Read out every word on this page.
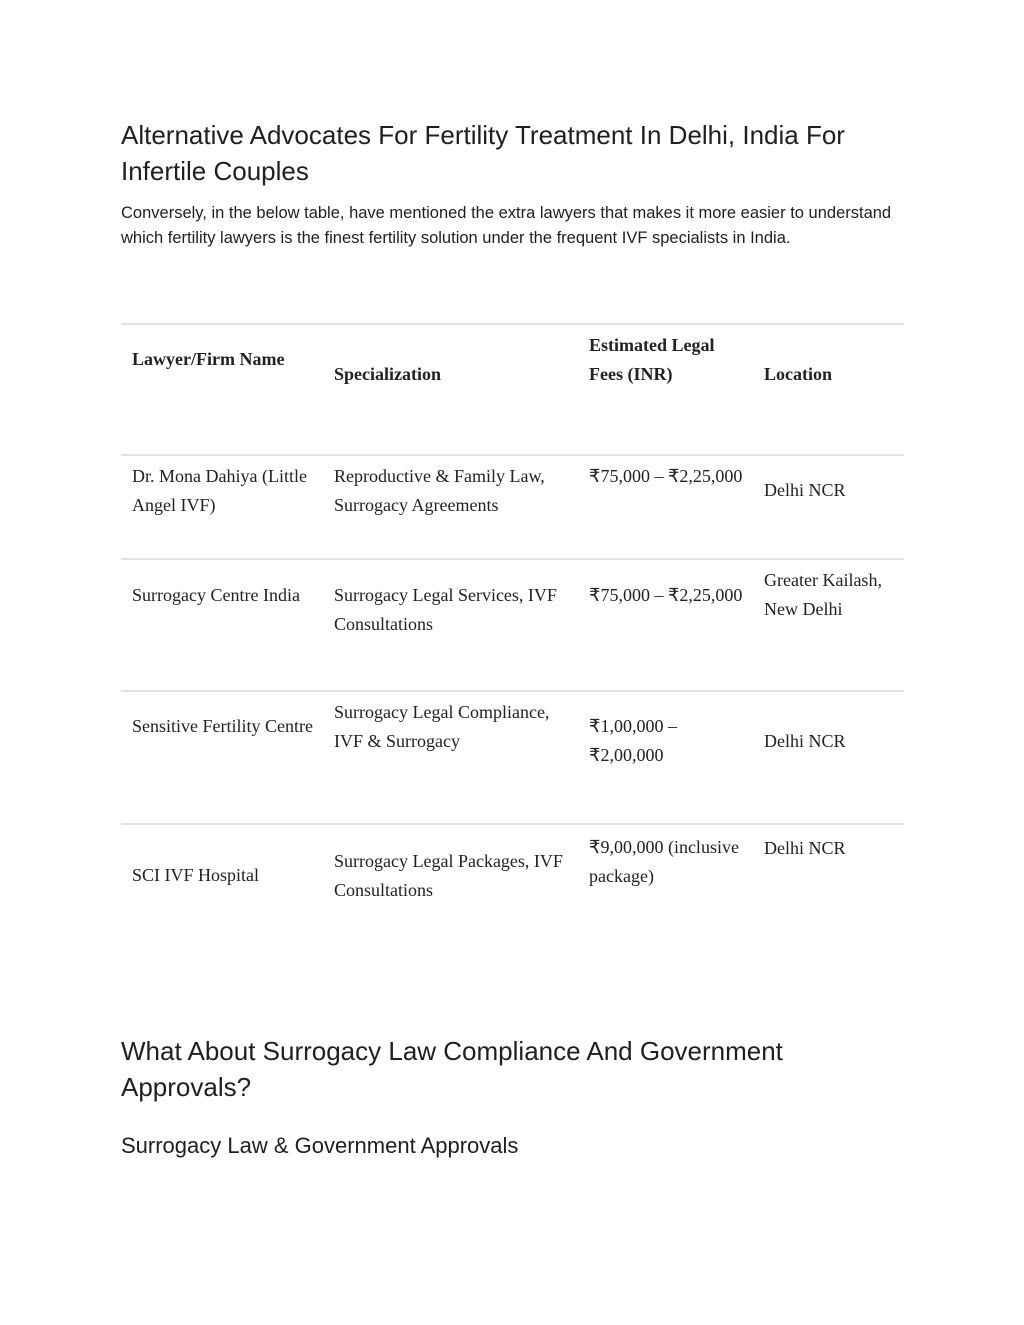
Alternative Advocates For Fertility Treatment In Delhi, India For Infertile Couples

Conversely, in the below table, have mentioned the extra lawyers that makes it more easier to understand which fertility lawyers is the finest fertility solution under the frequent IVF specialists in India.

Lawyer/Firm Name	Specialization	Estimated Legal Fees (INR)	Location
Dr. Mona Dahiya (Little Angel IVF)	Reproductive & Family Law, Surrogacy Agreements	₹75,000 – ₹2,25,000	Delhi NCR
Surrogacy Centre India	Surrogacy Legal Services, IVF Consultations	₹75,000 – ₹2,25,000	Greater Kailash, New Delhi
Sensitive Fertility Centre	Surrogacy Legal Compliance, IVF & Surrogacy	₹1,00,000 – ₹2,00,000	Delhi NCR
SCI IVF Hospital	Surrogacy Legal Packages, IVF Consultations	₹9,00,000 (inclusive package)	Delhi NCR
What About Surrogacy Law Compliance And Government Approvals?
Surrogacy Law & Government Approvals
